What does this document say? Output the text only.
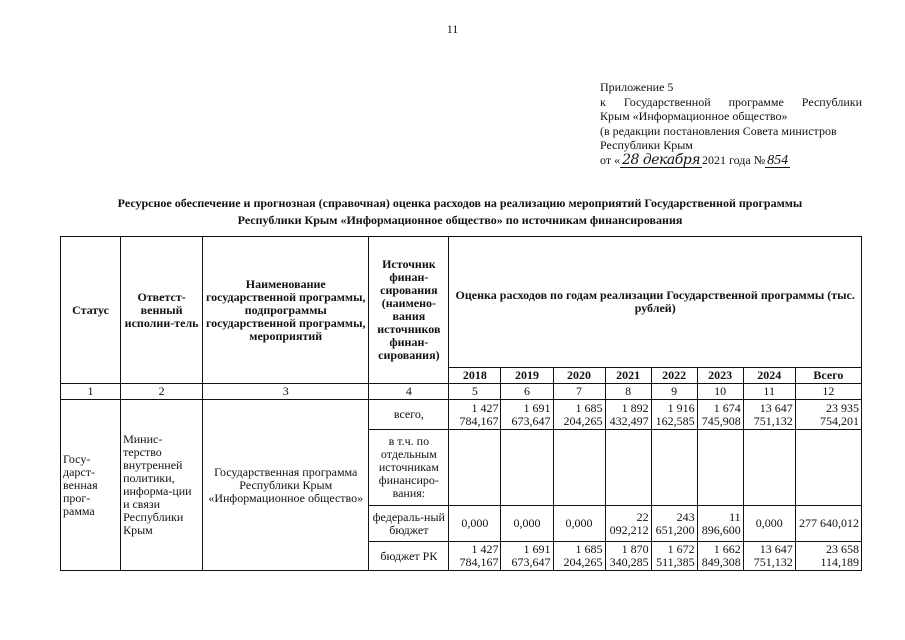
11
Приложение 5
к Государственной программе Республики
Крым «Информационное общество»
(в редакции постановления Совета министров
Республики Крым
от « 28 декабря 2021 года № 854
Ресурсное обеспечение и прогнозная (справочная) оценка расходов на реализацию мероприятий Государственной программы
Республики Крым «Информационное общество» по источникам финансирования
Статус	Ответст-венный исполни-тель	Наименование государственной программы, подпрограммы государственной программы, мероприятий	Источник финан-сирования (наимено-вания источников финан-сирования)	Оценка расходов по годам реализации Государственной программы (тыс. рублей)							
				2018	2019	2020	2021	2022	2023	2024	Всего
1	2	3	4	5	6	7	8	9	10	11	12
Госу-дарст-венная прог-рамма	Минис-терство внутренней политики, информа-ции и связи Республики Крым	Государственная программа Республики Крым «Информационное общество»	всего,	1 427 784,167	1 691 673,647	1 685 204,265	1 892 432,497	1 916 162,585	1 674 745,908	13 647 751,132	23 935 754,201
			в т.ч. по отдельным источникам финансиро-вания:								
			федераль-ный бюджет	0,000	0,000	0,000	22 092,212	243 651,200	11 896,600	0,000	277 640,012
			бюджет РК	1 427 784,167	1 691 673,647	1 685 204,265	1 870 340,285	1 672 511,385	1 662 849,308	13 647 751,132	23 658 114,189
